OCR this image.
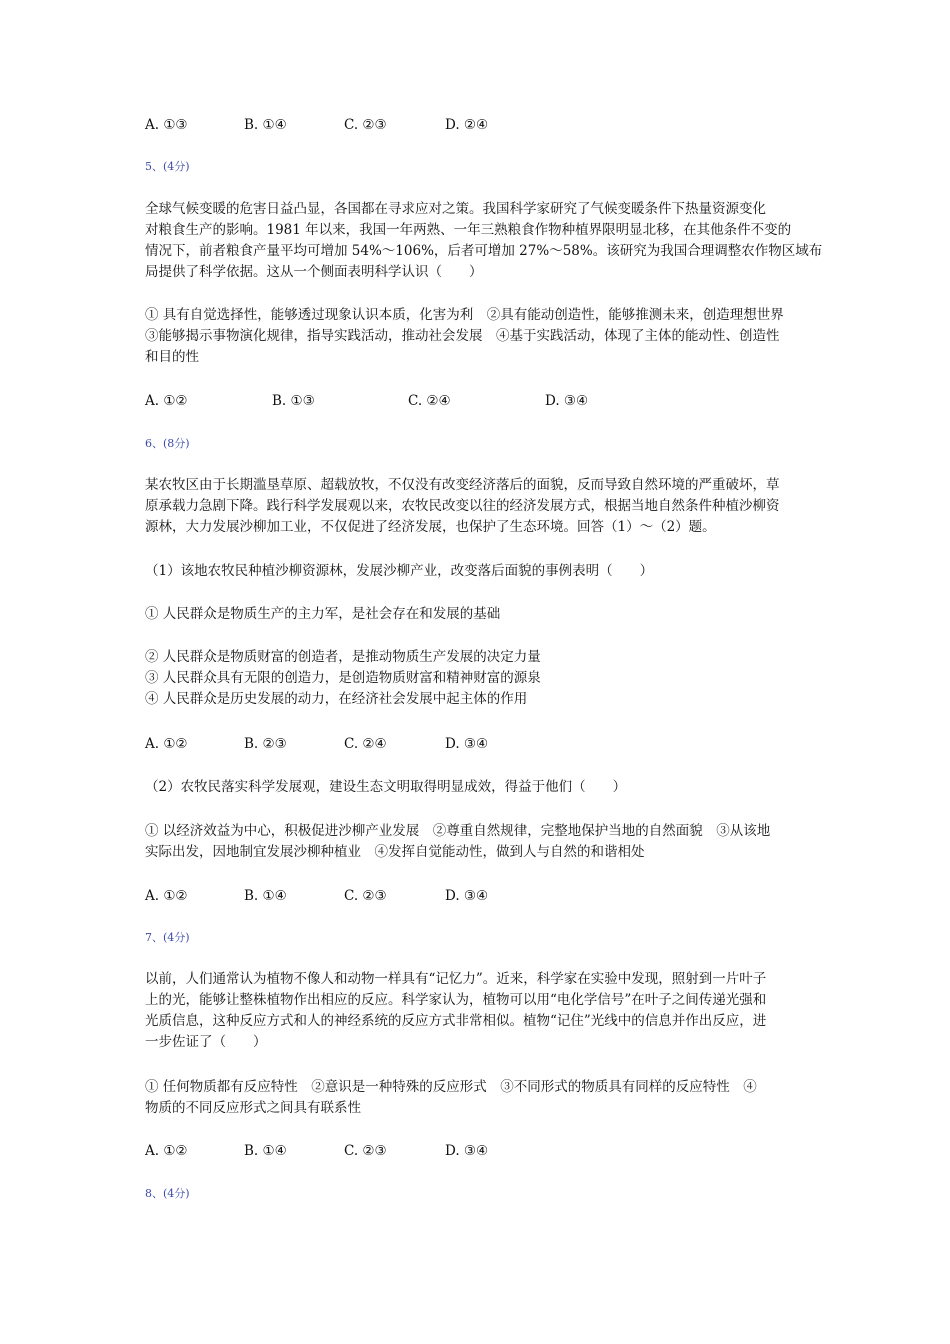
A. ①③	B. ①④	C. ②③	D. ②④
5、(4分)
全球气候变暖的危害日益凸显，各国都在寻求应对之策。我国科学家研究了气候变暖条件下热量资源变化
对粮食生产的影响。1981 年以来，我国一年两熟、一年三熟粮食作物种植界限明显北移，在其他条件不变的
情况下，前者粮食产量平均可增加 54%～106%，后者可增加 27%～58%。该研究为我国合理调整农作物区域布
局提供了科学依据。这从一个侧面表明科学认识（　　）
① 具有自觉选择性，能够透过现象认识本质，化害为利　②具有能动创造性，能够推测未来，创造理想世界
③能够揭示事物演化规律，指导实践活动，推动社会发展　④基于实践活动，体现了主体的能动性、创造性
和目的性
A. ①②	B. ①③	C. ②④	D. ③④
6、(8分)
某农牧区由于长期滥垦草原、超载放牧，不仅没有改变经济落后的面貌，反而导致自然环境的严重破坏，草
原承载力急剧下降。践行科学发展观以来，农牧民改变以往的经济发展方式，根据当地自然条件种植沙柳资
源林，大力发展沙柳加工业，不仅促进了经济发展，也保护了生态环境。回答（1）～（2）题。
（1）该地农牧民种植沙柳资源林，发展沙柳产业，改变落后面貌的事例表明（　　）
① 人民群众是物质生产的主力军，是社会存在和发展的基础
② 人民群众是物质财富的创造者，是推动物质生产发展的决定力量
③ 人民群众具有无限的创造力，是创造物质财富和精神财富的源泉
④ 人民群众是历史发展的动力，在经济社会发展中起主体的作用
A. ①②	B. ②③	C. ②④	D. ③④
（2）农牧民落实科学发展观，建设生态文明取得明显成效，得益于他们（　　）
① 以经济效益为中心，积极促进沙柳产业发展　②尊重自然规律，完整地保护当地的自然面貌　③从该地
实际出发，因地制宜发展沙柳种植业　④发挥自觉能动性，做到人与自然的和谐相处
A. ①②	B. ①④	C. ②③	D. ③④
7、(4分)
以前，人们通常认为植物不像人和动物一样具有“记忆力”。近来，科学家在实验中发现，照射到一片叶子
上的光，能够让整株植物作出相应的反应。科学家认为，植物可以用“电化学信号”在叶子之间传递光强和
光质信息，这种反应方式和人的神经系统的反应方式非常相似。植物“记住”光线中的信息并作出反应，进
一步佐证了（　　）
① 任何物质都有反应特性　②意识是一种特殊的反应形式　③不同形式的物质具有同样的反应特性　④
物质的不同反应形式之间具有联系性
A. ①②	B. ①④	C. ②③	D. ③④
8、(4分)
